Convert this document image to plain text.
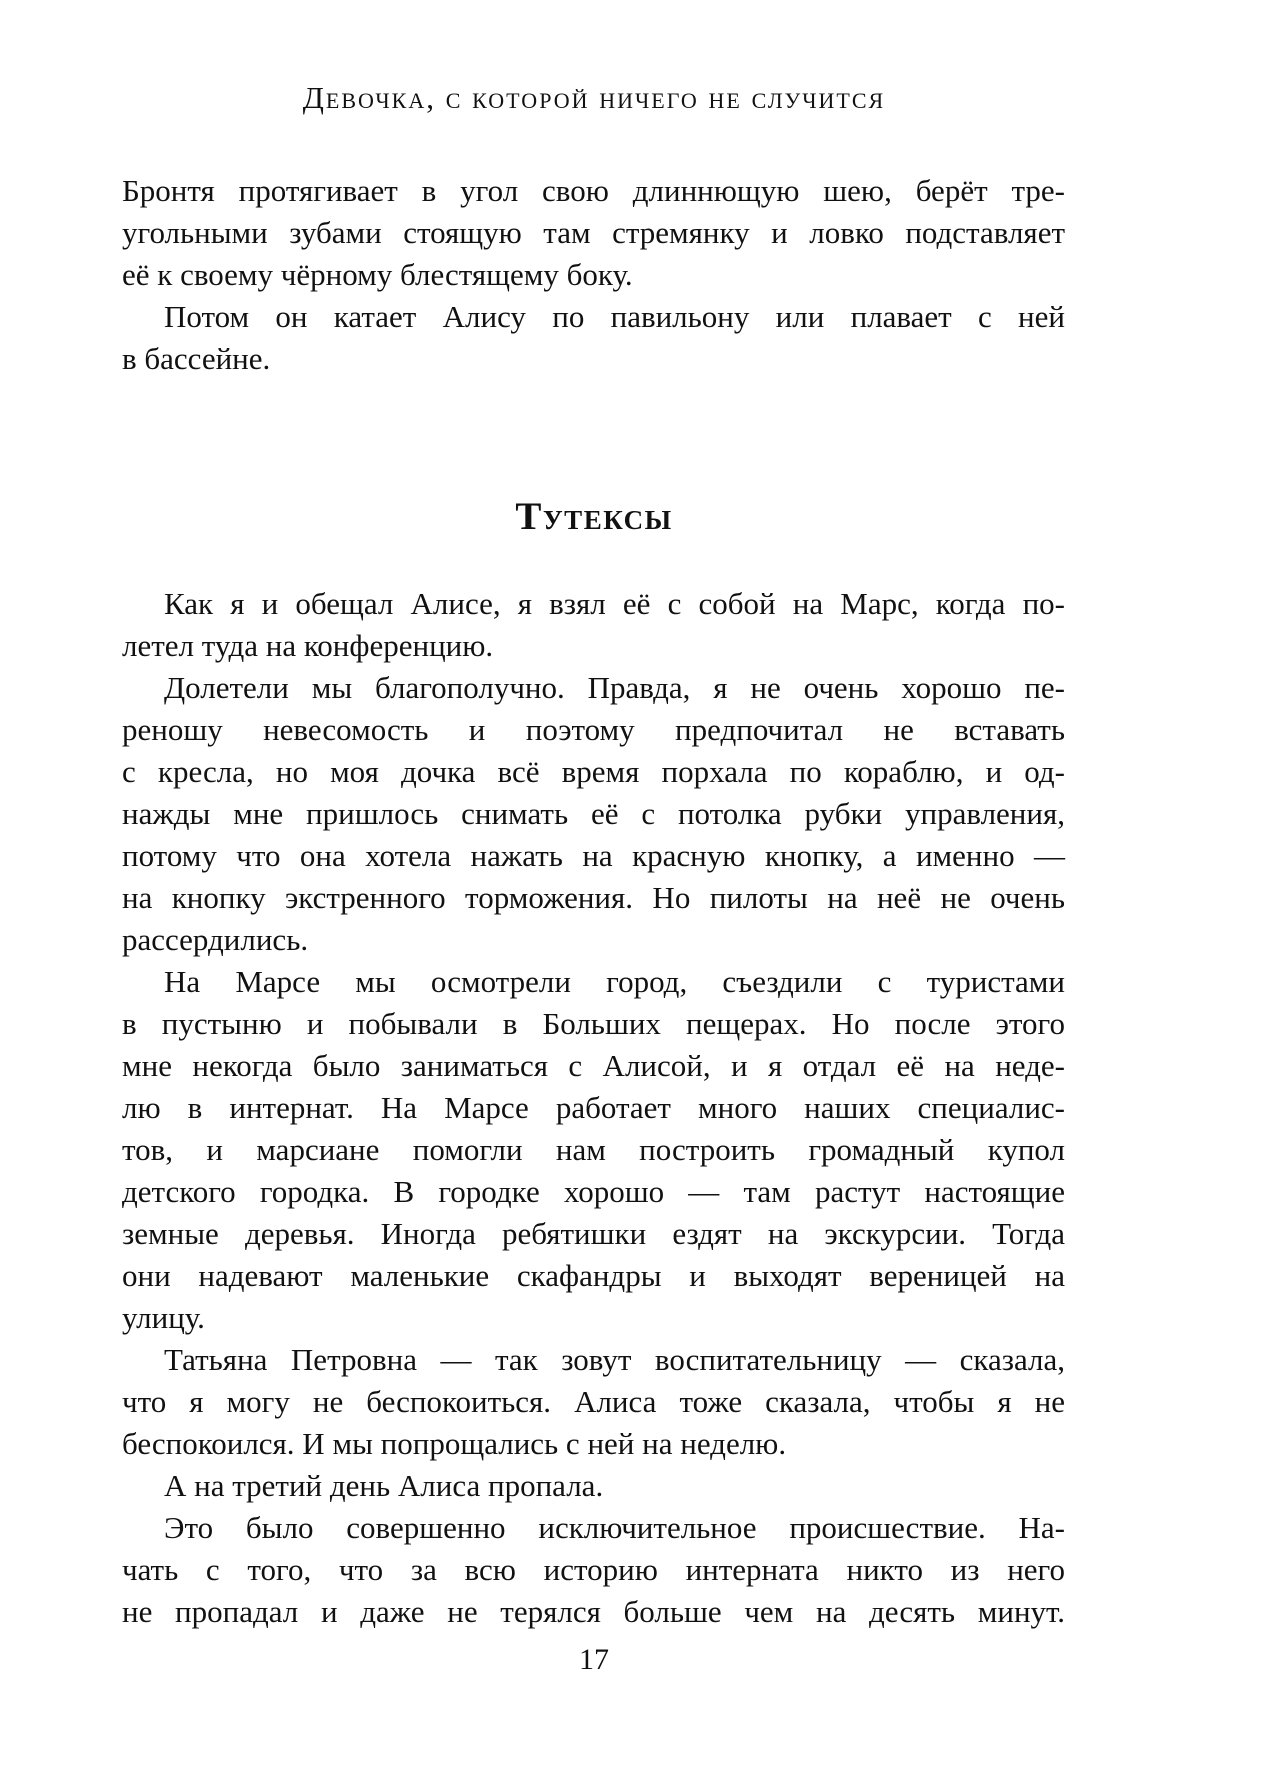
Девочка, с которой ничего не случится
Бронтя протягивает в угол свою длиннющую шею, берёт тре-
угольными зубами стоящую там стремянку и ловко подставляет
её к своему чёрному блестящему боку.
Потом он катает Алису по павильону или плавает с ней
в бассейне.
Тутексы
Как я и обещал Алисе, я взял её с собой на Марс, когда по-
летел туда на конференцию.
Долетели мы благополучно. Правда, я не очень хорошо пе-
реношу невесомость и поэтому предпочитал не вставать
с кресла, но моя дочка всё время порхала по кораблю, и од-
нажды мне пришлось снимать её с потолка рубки управления,
потому что она хотела нажать на красную кнопку, а именно —
на кнопку экстренного торможения. Но пилоты на неё не очень
рассердились.
На Марсе мы осмотрели город, съездили с туристами
в пустыню и побывали в Больших пещерах. Но после этого
мне некогда было заниматься с Алисой, и я отдал её на неде-
лю в интернат. На Марсе работает много наших специалис-
тов, и марсиане помогли нам построить громадный купол
детского городка. В городке хорошо — там растут настоящие
земные деревья. Иногда ребятишки ездят на экскурсии. Тогда
они надевают маленькие скафандры и выходят вереницей на
улицу.
Татьяна Петровна — так зовут воспитательницу — сказала,
что я могу не беспокоиться. Алиса тоже сказала, чтобы я не
беспокоился. И мы попрощались с ней на неделю.
А на третий день Алиса пропала.
Это было совершенно исключительное происшествие. На-
чать с того, что за всю историю интерната никто из него
не пропадал и даже не терялся больше чем на десять минут.
17
